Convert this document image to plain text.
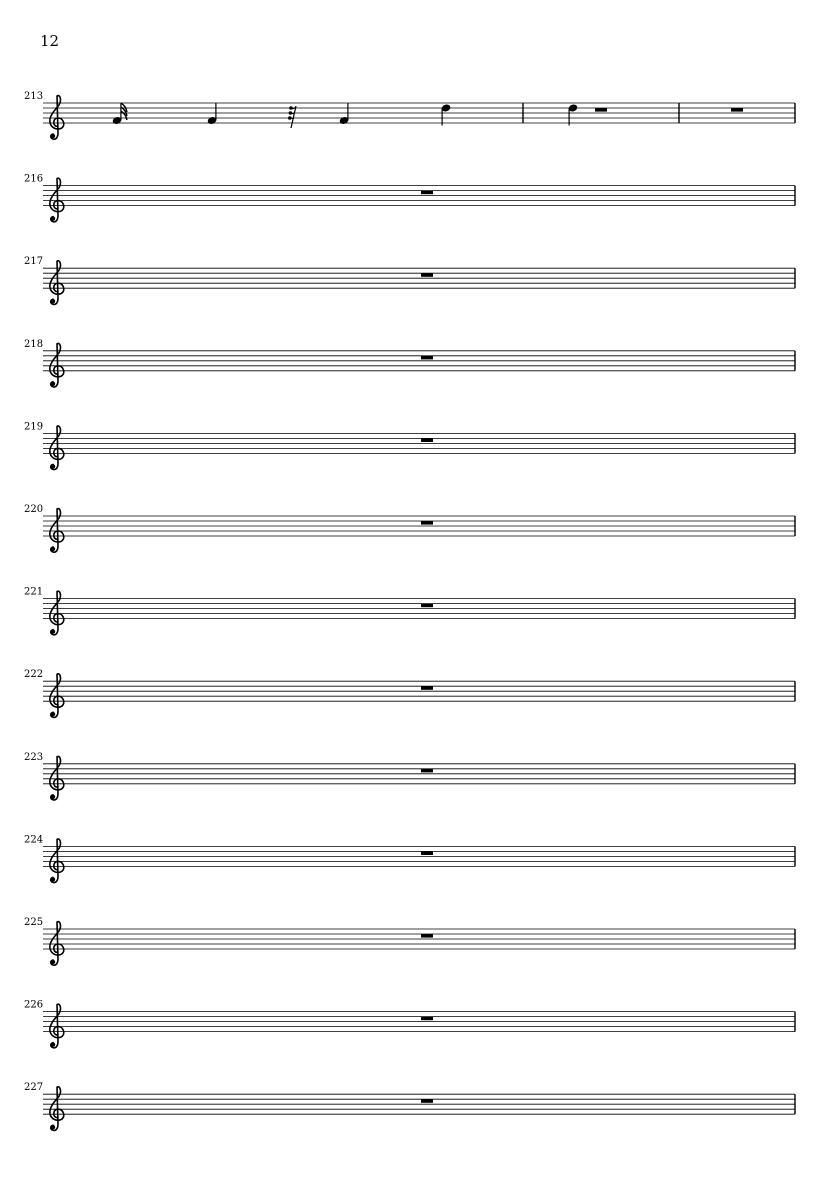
12
213
216
217
218
219
220
221
222
223
224
225
226
227
